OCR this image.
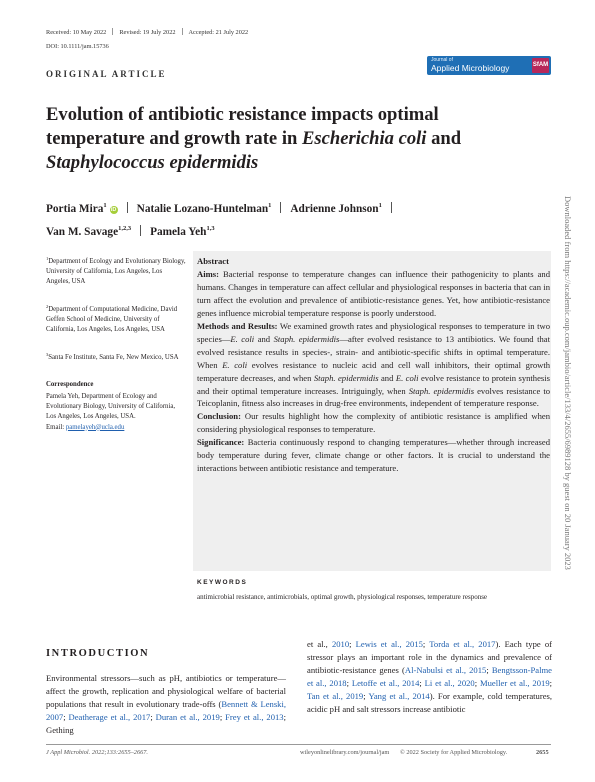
Received: 10 May 2022 Revised: 19 July 2022 Accepted: 21 July 2022
DOI: 10.1111/jam.15736
ORIGINAL ARTICLE
Journal of
Applied Microbiology	SfAM
Evolution of antibiotic resistance impacts optimal
temperature and growth rate in Escherichia coli and
Staphylococcus epidermidis
Portia Mira$^1$iD Natalie Lozano-Huntelman$^1$ Adrienne Johnson$^1$
Van M. Savage$^{1,2,3}$ Pamela Yeh$^{1,3}$
$^1$Department of Ecology and Evolutionary Biology, University of California, Los Angeles, Los Angeles, USA
$^2$Department of Computational Medicine, David Geffen School of Medicine, University of California, Los Angeles, Los Angeles, USA
$^3$Santa Fe Institute, Santa Fe, New Mexico, USA
Correspondence
Pamela Yeh, Department of Ecology and Evolutionary Biology, University of California, Los Angeles, Los Angeles, USA.
Email: pamelayeh@ucla.edu
Abstract

Aims: Bacterial response to temperature changes can influence their pathogenicity to plants and humans. Changes in temperature can affect cellular and physiological responses in bacteria that can in turn affect the evolution and prevalence of antibiotic-resistance genes. Yet, how antibiotic-resistance genes influence microbial temperature response is poorly understood.

Methods and Results: We examined growth rates and physiological responses to temperature in two species—E. coli and Staph. epidermidis—after evolved resistance to 13 antibiotics. We found that evolved resistance results in species-, strain- and antibiotic-specific shifts in optimal temperature. When E. coli evolves resistance to nucleic acid and cell wall inhibitors, their optimal growth temperature decreases, and when Staph. epidermidis and E. coli evolve resistance to protein synthesis and their optimal temperature increases. Intriguingly, when Staph. epidermidis evolves resistance to Teicoplanin, fitness also increases in drug-free environments, independent of temperature response.

Conclusion: Our results highlight how the complexity of antibiotic resistance is amplified when considering physiological responses to temperature.

Significance: Bacteria continuously respond to changing temperatures—whether through increased body temperature during fever, climate change or other factors. It is crucial to understand the interactions between antibiotic resistance and temperature.

KEYWORDS
antimicrobial resistance, antimicrobials, optimal growth, physiological responses, temperature response
INTRODUCTION
Environmental stressors—such as pH, antibiotics or temperature—affect the growth, replication and physiological welfare of bacterial populations that result in evolutionary trade-offs (Bennett & Lenski, 2007; Deatherage et al., 2017; Duran et al., 2019; Frey et al., 2013; Gething
et al., 2010; Lewis et al., 2015; Torda et al., 2017). Each type of stressor plays an important role in the dynamics and prevalence of antibiotic-resistance genes (Al-Nabulsi et al., 2015; Bengtsson-Palme et al., 2018; Letoffe et al., 2014; Li et al., 2020; Mueller et al., 2019; Tan et al., 2019; Yang et al., 2014). For example, cold temperatures, acidic pH and salt stressors increase antibiotic
Downloaded from https://academic.oup.com/jambio/article/133/4/2655/6989128 by guest on 20 January 2023
J Appl Microbiol. 2022;133:2655–2667.	wileyonlinelibrary.com/journal/jam © 2022 Society for Applied Microbiology.	2655
